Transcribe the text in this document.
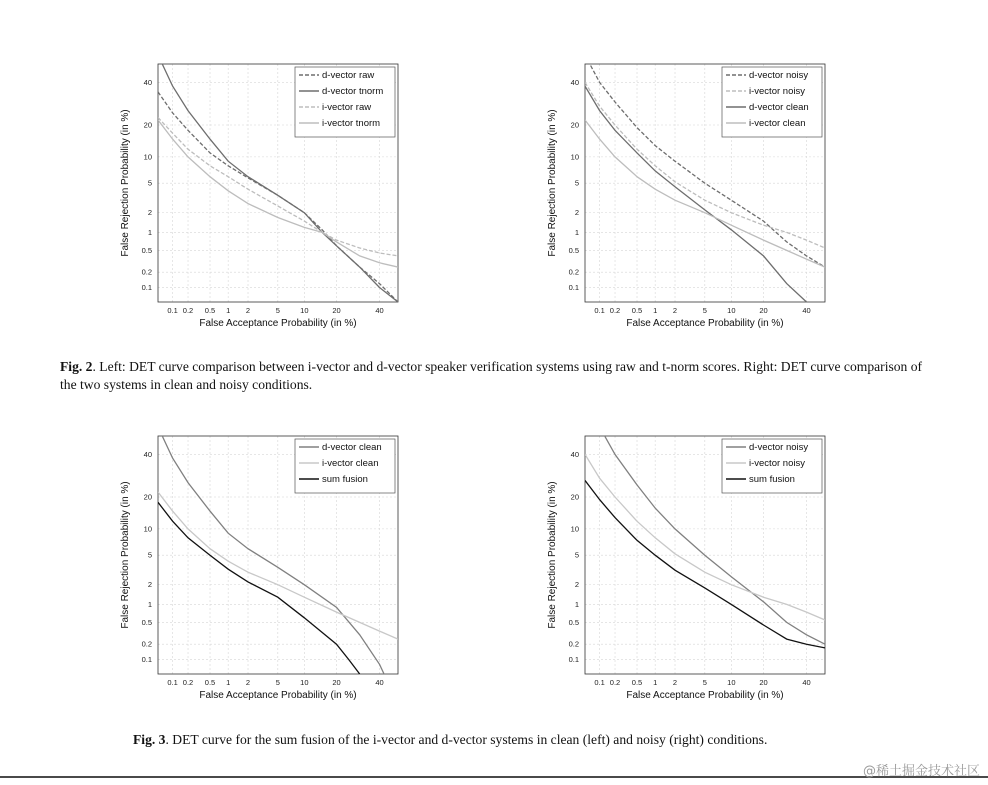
0.1 0.2 0.5 1 2	5	10	20	40
0.1
0.2
0.5
1
2
5
10
20
40
d-vector raw
d-vector tnorm
i-vector raw
i-vector tnorm
False Acceptance Probability (in %)
False Rejection Probability (in %)
0.1 0.2 0.5 1 2	5	10	20	40
0.1
0.2
0.5
1
2
5
10
20
40
d-vector noisy
i-vector noisy
d-vector clean
i-vector clean
False Acceptance Probability (in %)
False Rejection Probability (in %)
0.1 0.2 0.5 1 2	5	10	20	40
0.1
0.2
0.5
1
2
5
10
20
40
d-vector clean
i-vector clean
sum fusion
False Acceptance Probability (in %)
False Rejection Probability (in %)
0.1 0.2 0.5 1 2	5	10	20	40
0.1
0.2
0.5
1
2
5
10
20
40
d-vector noisy
i-vector noisy
sum fusion
False Acceptance Probability (in %)
False Rejection Probability (in %)
Fig. 2. Left: DET curve comparison between i-vector and d-vector speaker verification systems using raw and t-norm scores. Right: DET curve comparison of the two systems in clean and noisy conditions.
Fig. 3. DET curve for the sum fusion of the i-vector and d-vector systems in clean (left) and noisy (right) conditions.
@稀土掘金技术社区
